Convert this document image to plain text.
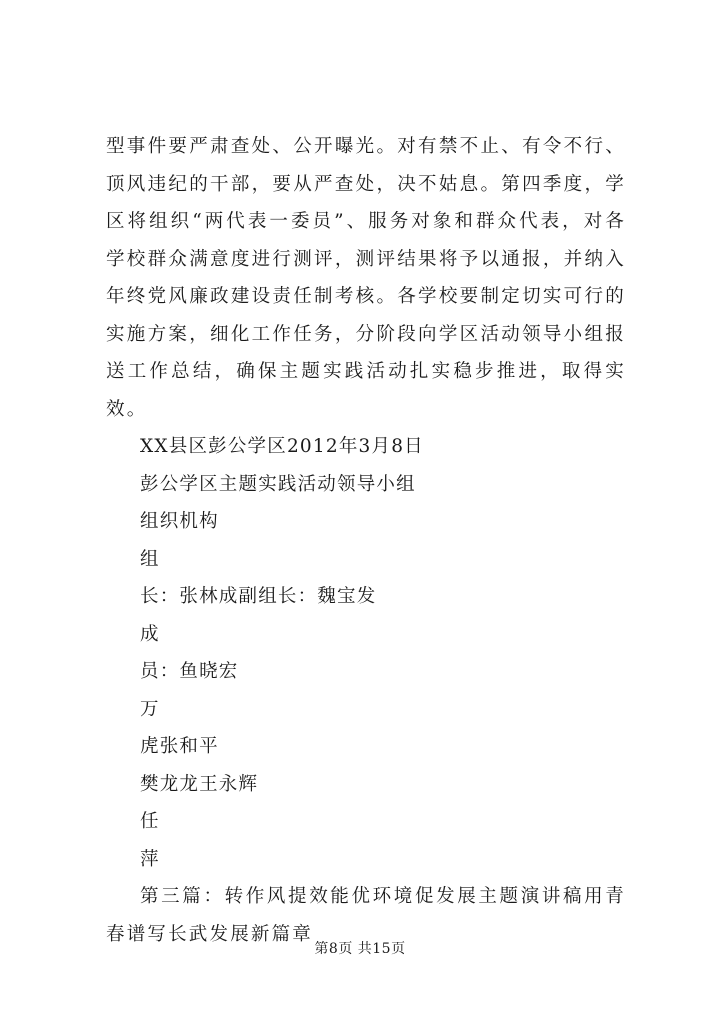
型事件要严肃查处、公开曝光。对有禁不止、有令不行、顶风违纪的干部，要从严查处，决不姑息。第四季度，学区将组织“两代表一委员”、服务对象和群众代表，对各学校群众满意度进行测评，测评结果将予以通报，并纳入年终党风廉政建设责任制考核。各学校要制定切实可行的实施方案，细化工作任务，分阶段向学区活动领导小组报送工作总结，确保主题实践活动扎实稳步推进，取得实效。

XX县区彭公学区2012年3月8日

彭公学区主题实践活动领导小组

组织机构

组

长：张林成副组长：魏宝发

成

员：鱼晓宏

万

虎张和平

樊龙龙王永辉

任

萍

第三篇：转作风提效能优环境促发展主题演讲稿用青春谱写长武发展新篇章

第8页 共15页
